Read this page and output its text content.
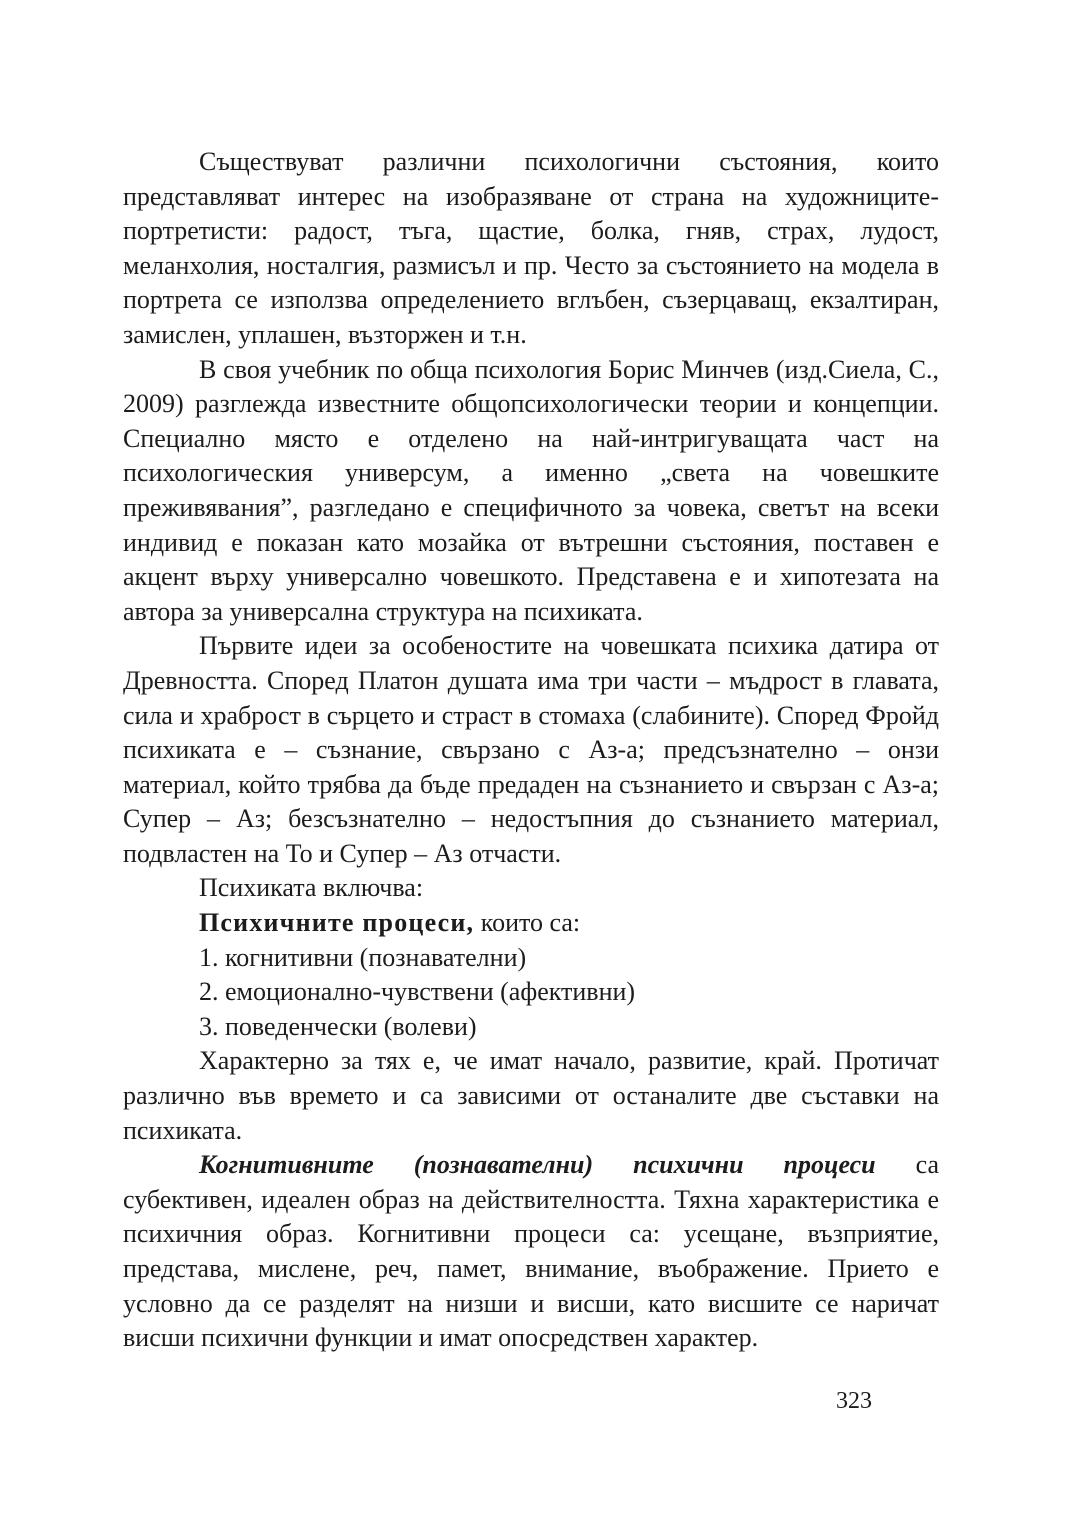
Съществуват различни психологични състояния, които представляват интерес на изобразяване от страна на художниците-портретисти: радост, тъга, щастие, болка, гняв, страх, лудост, меланхолия, носталгия, размисъл и пр. Често за състоянието на модела в портрета се използва определението вглъбен, съзерцаващ, екзалтиран, замислен, уплашен, възторжен и т.н.

В своя учебник по обща психология Борис Минчев (изд.Сиела, С., 2009) разглежда известните общопсихологически теории и концепции. Специално място е отделено на най-интригуващата част на психологическия универсум, а именно „света на човешките преживявания”, разгледано е специфичното за човека, светът на всеки индивид е показан като мозайка от вътрешни състояния, поставен е акцент върху универсално човешкото. Представена е и хипотезата на автора за универсална структура на психиката.

Първите идеи за особеностите на човешката психика датира от Древността. Според Платон душата има три части – мъдрост в главата, сила и храброст в сърцето и страст в стомаха (слабините). Според Фройд психиката е – съзнание, свързано с Аз-а; предсъзнателно – онзи материал, който трябва да бъде предаден на съзнанието и свързан с Аз-а; Супер – Аз; безсъзнателно – недостъпния до съзнанието материал, подвластен на То и Супер – Аз отчасти.

Психиката включва:

Психичните процеси, които са:

1. когнитивни (познавателни)

2. емоционално-чувствени (афективни)

3. поведенчески (волеви)

Характерно за тях е, че имат начало, развитие, край. Протичат различно във времето и са зависими от останалите две съставки на психиката.

Когнитивните (познавателни) психични процеси са субективен, идеален образ на действителността. Тяхна характеристика е психичния образ. Когнитивни процеси са: усещане, възприятие, представа, мислене, реч, памет, внимание, въображение. Прието е условно да се разделят на низши и висши, като висшите се наричат висши психични функции и имат опосредствен характер.

323
